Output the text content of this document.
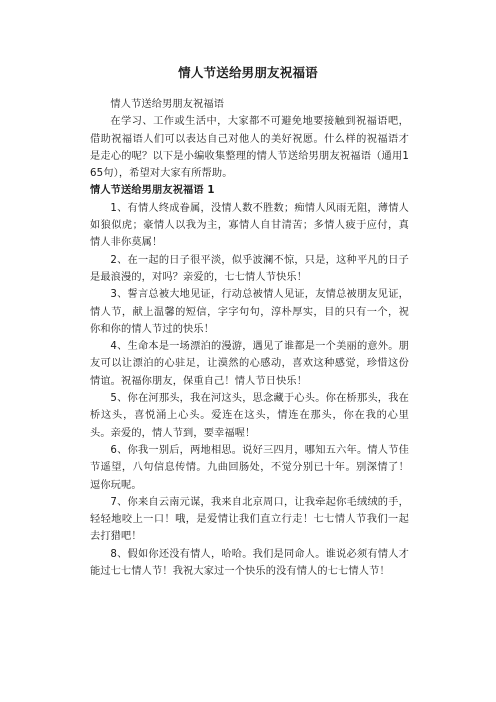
情人节送给男朋友祝福语

情人节送给男朋友祝福语

在学习、工作或生活中，大家都不可避免地要接触到祝福语吧，借助祝福语人们可以表达自己对他人的美好祝愿。什么样的祝福语才是走心的呢？以下是小编收集整理的情人节送给男朋友祝福语（通用165句），希望对大家有所帮助。

情人节送给男朋友祝福语 1

1、有情人终成眷属，没情人数不胜数；痴情人风雨无阻，薄情人如狼似虎；豪情人以我为主，寡情人自甘清苦；多情人疲于应付，真情人非你莫属！

2、在一起的日子很平淡，似乎波澜不惊，只是，这种平凡的日子是最浪漫的，对吗？亲爱的，七七情人节快乐！

3、誓言总被大地见证，行动总被情人见证，友情总被朋友见证，情人节，献上温馨的短信，字字句句，淳朴厚实，目的只有一个，祝你和你的情人节过的快乐！

4、生命本是一场漂泊的漫游，遇见了谁都是一个美丽的意外。朋友可以让漂泊的心驻足，让漠然的心感动，喜欢这种感觉，珍惜这份情谊。祝福你朋友，保重自己！情人节日快乐！

5、你在河那头，我在河这头，思念藏于心头。你在桥那头，我在桥这头，喜悦涌上心头。爱连在这头，情连在那头，你在我的心里头。亲爱的，情人节到，要幸福喔！

6、你我一别后，两地相思。说好三四月，哪知五六年。情人节佳节遥望，八句信息传情。九曲回肠处，不觉分别已十年。别深情了！逗你玩呢。

7、你来自云南元谋，我来自北京周口，让我牵起你毛绒绒的手，轻轻地咬上一口！哦，是爱情让我们直立行走！七七情人节我们一起去打猎吧！

8、假如你还没有情人，哈哈。我们是同命人。谁说必须有情人才能过七七情人节！我祝大家过一个快乐的没有情人的七七情人节！
